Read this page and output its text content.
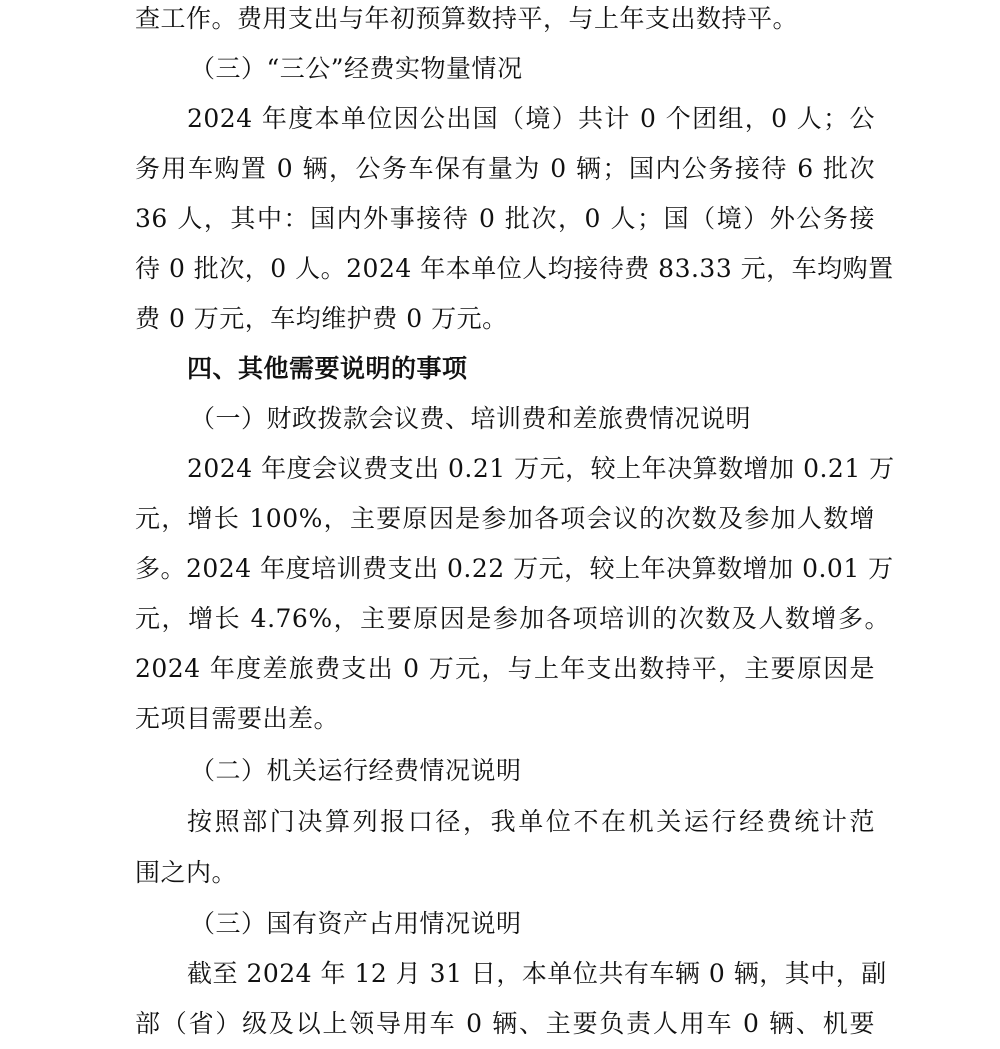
查工作。费用支出与年初预算数持平，与上年支出数持平。
（三）“三公”经费实物量情况
2024 年度本单位因公出国（境）共计 0 个团组，0 人；公
务用车购置 0 辆，公务车保有量为 0 辆；国内公务接待 6 批次
36 人，其中：国内外事接待 0 批次，0 人；国（境）外公务接
待 0 批次，0 人。2024 年本单位人均接待费 83.33 元，车均购置
费 0 万元，车均维护费 0 万元。
四、其他需要说明的事项
（一）财政拨款会议费、培训费和差旅费情况说明
2024 年度会议费支出 0.21 万元，较上年决算数增加 0.21 万
元，增长 100%，主要原因是参加各项会议的次数及参加人数增
多。2024 年度培训费支出 0.22 万元，较上年决算数增加 0.01 万
元，增长 4.76%，主要原因是参加各项培训的次数及人数增多。
2024 年度差旅费支出 0 万元，与上年支出数持平，主要原因是
无项目需要出差。
（二）机关运行经费情况说明
按照部门决算列报口径，我单位不在机关运行经费统计范
围之内。
（三）国有资产占用情况说明
截至 2024 年 12 月 31 日，本单位共有车辆 0 辆，其中，副
部（省）级及以上领导用车 0 辆、主要负责人用车 0 辆、机要
